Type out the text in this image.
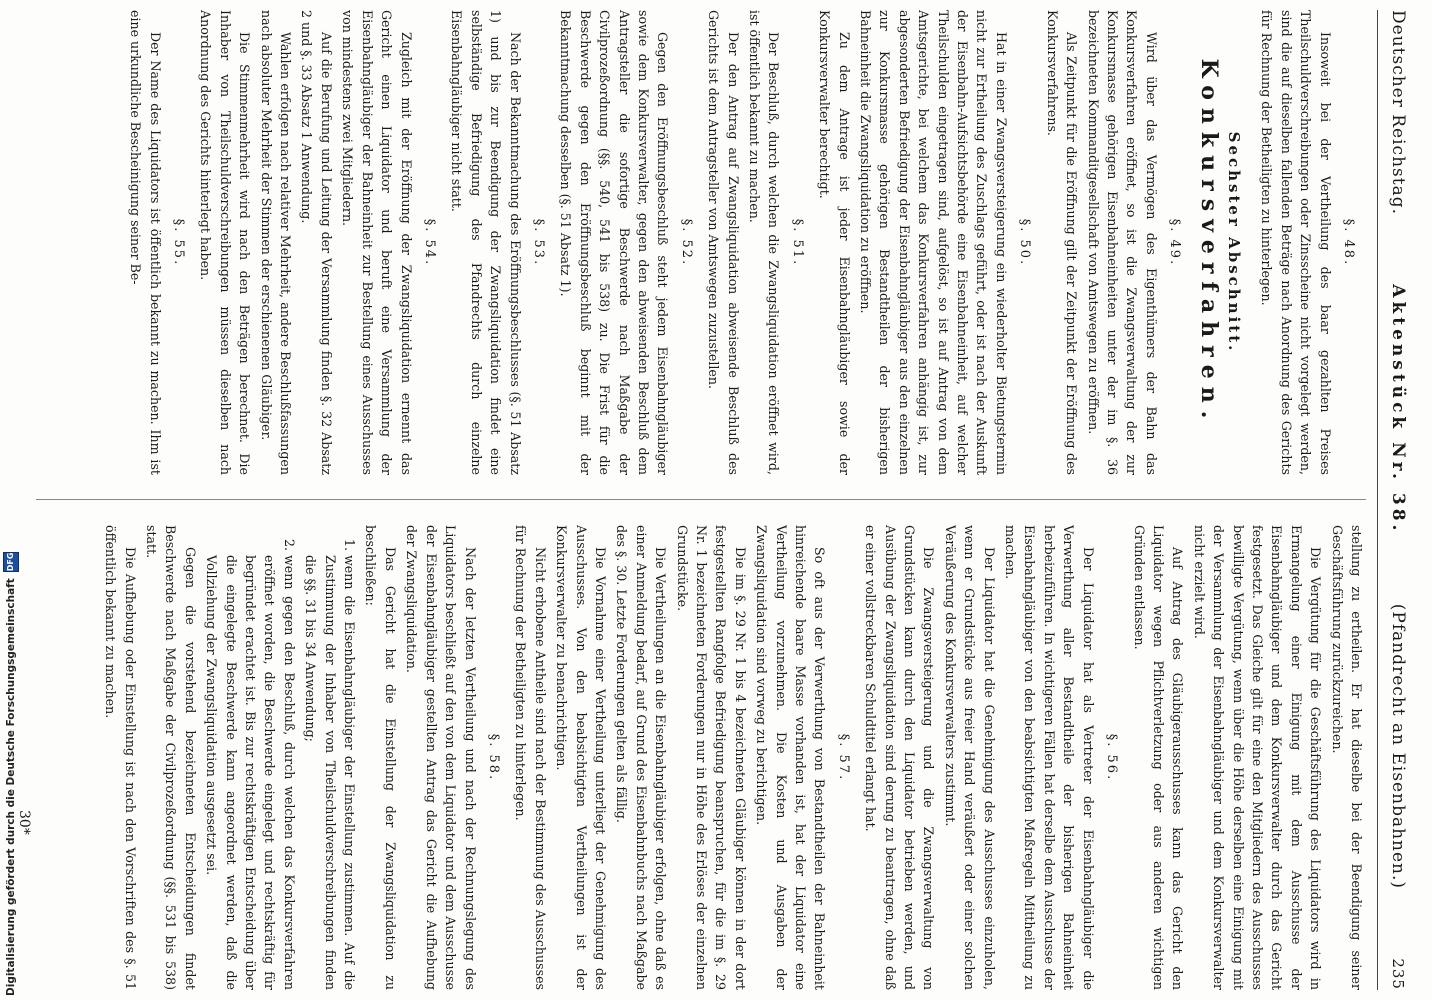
Deutscher Reichstag.
Aktenstück Nr. 38.
(Pfandrecht an Eisenbahnen.)
235
§. 48.

Insoweit bei der Vertheilung des baar gezahlten Preises Theilschuldverschreibungen oder Zinsscheine nicht vorgelegt werden, sind die auf dieselben fallenden Beträge nach Anordnung des Gerichts für Rechnung der Betheiligten zu hinterlegen.

Sechster Abschnitt.
Konkursverfahren.
§. 49.

Wird über das Vermögen des Eigenthümers der Bahn das Konkursverfahren eröffnet, so ist die Zwangsverwaltung der zur Konkursmasse gehörigen Eisenbahneinheiten unter der im §. 36 bezeichneten Kommanditgesellschaft von Amtswegen zu eröffnen.

Als Zeitpunkt für die Eröffnung gilt der Zeitpunkt der Eröffnung des Konkursverfahrens.

§. 50.

Hat in einer Zwangsversteigerung ein wiederholter Bietungstermin nicht zur Ertheilung des Zuschlags geführt, oder ist nach der Auskunft der Eisenbahn-Aufsichtsbehörde eine Eisenbahneinheit, auf welcher Theilschulden eingetragen sind, aufgelöst, so ist auf Antrag von dem Amtsgerichte, bei welchem das Konkursverfahren anhängig ist, zur abgesonderten Befriedigung der Eisenbahngläubiger aus den einzelnen zur Konkursmasse gehörigen Bestandtheilen der bisherigen Bahneinheit die Zwangsliquidation zu eröffnen.

Zu dem Antrage ist jeder Eisenbahngläubiger sowie der Konkursverwalter berechtigt.

§. 51.

Der Beschluß, durch welchen die Zwangsliquidation eröffnet wird, ist öffentlich bekannt zu machen.

Der den Antrag auf Zwangsliquidation abweisende Beschluß des Gerichts ist dem Antragsteller von Amtswegen zuzustellen.

§. 52.

Gegen den Eröffnungsbeschluß steht jedem Eisenbahngläubiger sowie dem Konkursverwalter, gegen den abweisenden Beschluß dem Antragsteller die sofortige Beschwerde nach Maßgabe der Civilprozeßordnung (§§. 540, 541 bis 538) zu. Die Frist für die Beschwerde gegen den Eröffnungsbeschluß beginnt mit der Bekanntmachung desselben (§. 51 Absatz 1).

§. 53.

Nach der Bekanntmachung des Eröffnungsbeschlusses (§. 51 Absatz 1) und bis zur Beendigung der Zwangsliquidation findet eine selbständige Befriedigung des Pfandrechts durch einzelne Eisenbahngläubiger nicht statt.

§. 54.

Zugleich mit der Eröffnung der Zwangsliquidation ernennt das Gericht einen Liquidator und beruft eine Versammlung der Eisenbahngläubiger der Bahneinheit zur Bestellung eines Ausschusses von mindestens zwei Mitgliedern.

Auf die Berufung und Leitung der Versammlung finden §. 32 Absatz 2 und §. 33 Absatz 1 Anwendung.

Wahlen erfolgen nach relativer Mehrheit, andere Beschlußfassungen nach absoluter Mehrheit der Stimmen der erschienenen Gläubiger.

Die Stimmenmehrheit wird nach den Beträgen berechnet. Die Inhaber von Theilschuldverschreibungen müssen dieselben nach Anordnung des Gerichts hinterlegt haben.

§. 55.

Der Name des Liquidators ist öffentlich bekannt zu machen. Ihm ist eine urkundliche Bescheinigung seiner Be-

stellung zu ertheilen. Er hat dieselbe bei der Beendigung seiner Geschäftsführung zurückzureichen.

Die Vergütung für die Geschäftsführung des Liquidators wird in Ermangelung einer Einigung mit dem Ausschusse der Eisenbahngläubiger und dem Konkursverwalter durch das Gericht festgesetzt. Das Gleiche gilt für eine den Mitgliedern des Ausschusses bewilligte Vergütung, wenn über die Höhe derselben eine Einigung mit der Versammlung der Eisenbahngläubiger und dem Konkursverwalter nicht erzielt wird.

Auf Antrag des Gläubigerausschusses kann das Gericht den Liquidator wegen Pflichtverletzung oder aus anderen wichtigen Gründen entlassen.

§. 56.

Der Liquidator hat als Vertreter der Eisenbahngläubiger die Verwerthung aller Bestandtheile der bisherigen Bahneinheit herbeizuführen. In wichtigeren Fällen hat derselbe dem Ausschusse der Eisenbahngläubiger von den beabsichtigten Maßregeln Mittheilung zu machen.

Der Liquidator hat die Genehmigung des Ausschusses einzuholen, wenn er Grundstücke aus freier Hand veräußert oder einer solchen Veräußerung des Konkursverwalters zustimmt.

Die Zwangsversteigerung und die Zwangsverwaltung von Grundstücken kann durch den Liquidator betrieben werden, und Ausübung der Zwangsliquidation sind derung zu beantragen, ohne daß er einer vollstreckbaren Schuldtitel erlangt hat.

§. 57.

So oft aus der Verwerthung von Bestandtheilen der Bahneinheit hinreichende baare Masse vorhanden ist, hat der Liquidator eine Vertheilung vorzunehmen. Die Kosten und Ausgaben der Zwangsliquidation sind vorweg zu berichtigen.

Die im §. 29 Nr. 1 bis 4 bezeichneten Gläubiger können in der dort festgestellten Rangfolge Befriedigung beanspruchen, für die im §. 29 Nr. 1 bezeichneten Forderungen nur in Höhe des Erlöses der einzelnen Grundstücke.

Die Vertheilungen an die Eisenbahngläubiger erfolgen, ohne daß es einer Anmeldung bedarf, auf Grund des Eisenbahnbuchs nach Maßgabe des §. 30. Letzte Forderungen gelten als fällig.

Die Vornahme einer Vertheilung unterliegt der Genehmigung des Ausschusses. Von den beabsichtigten Vertheilungen ist der Konkursverwalter zu benachrichtigen.

Nicht erhobene Antheile sind nach der Bestimmung des Ausschusses für Rechnung der Betheiligten zu hinterlegen.

§. 58.

Nach der letzten Vertheilung und nach der Rechnungslegung des Liquidators beschließt auf den von dem Liquidator und dem Ausschusse der Eisenbahngläubiger gestellten Antrag das Gericht die Aufhebung der Zwangsliquidation.

Das Gericht hat die Einstellung der Zwangsliquidation zu beschließen:

1. wenn die Eisenbahngläubiger der Einstellung zustimmen. Auf die Zustimmung der Inhaber von Theilschuldverschreibungen finden die §§. 31 bis 34 Anwendung;
2. wenn gegen den Beschluß, durch welchen das Konkursverfahren eröffnet worden, die Beschwerde eingelegt und rechtskräftig für begründet erachtet ist. Bis zur rechtskräftigen Entscheidung über die eingelegte Beschwerde kann angeordnet werden, daß die Vollziehung der Zwangsliquidation ausgesetzt sei.

Gegen die vorstehend bezeichneten Entscheidungen findet Beschwerde nach Maßgabe der Civilprozeßordnung (§§. 531 bis 538) statt.

Die Aufhebung oder Einstellung ist nach den Vorschriften des §. 51 öffentlich bekannt zu machen.

30*
Digitalisierung gefördert durch die Deutsche Forschungsgemeinschaft
DFG
